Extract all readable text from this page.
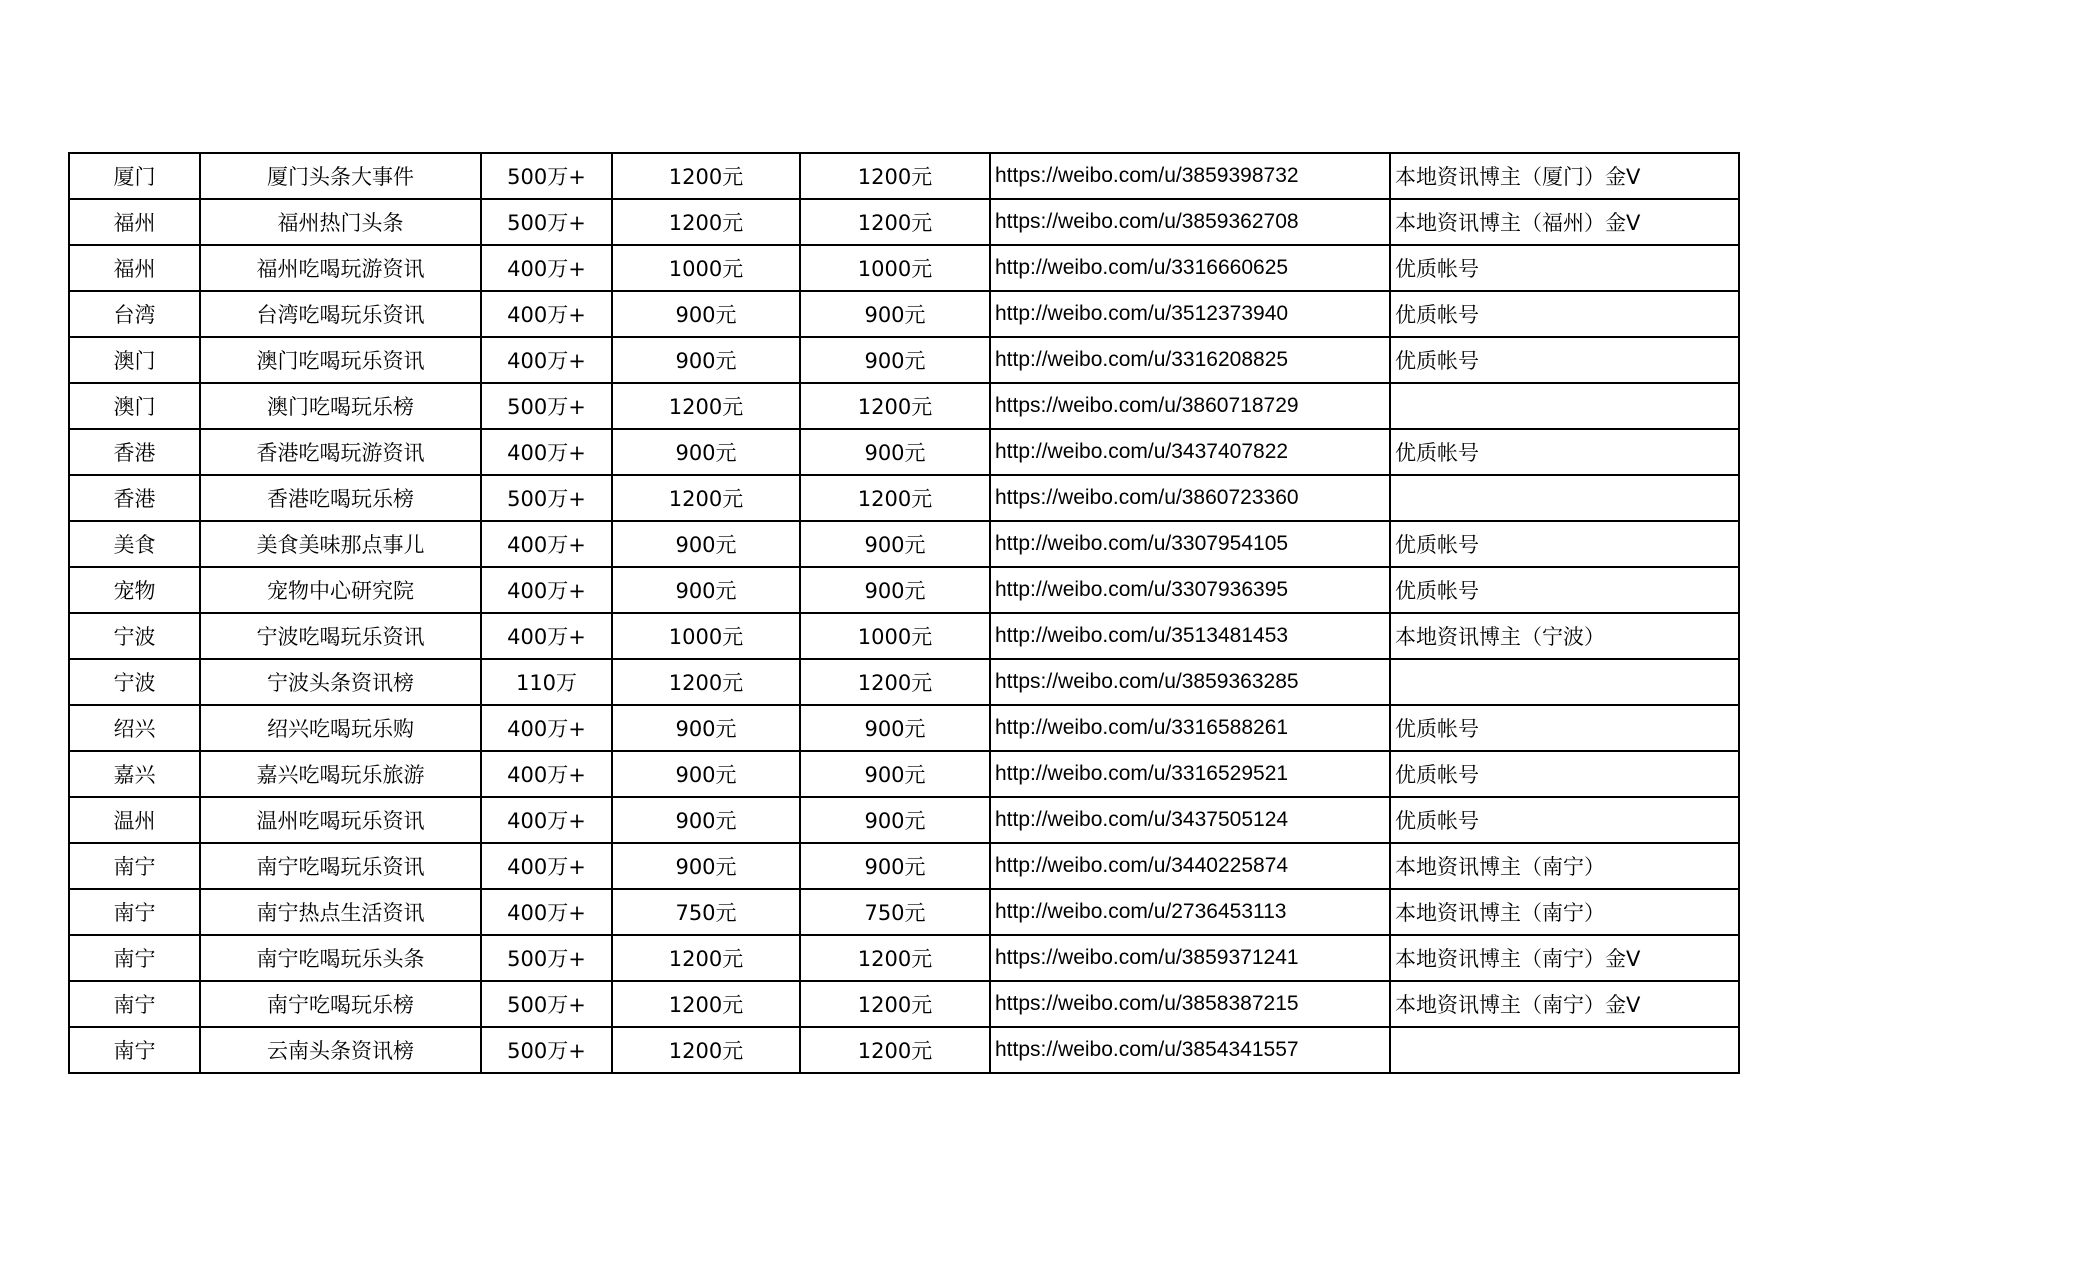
厦门	厦门头条大事件	500万+	1200元	1200元	https://weibo.com/u/3859398732	本地资讯博主（厦门）金V
福州	福州热门头条	500万+	1200元	1200元	https://weibo.com/u/3859362708	本地资讯博主（福州）金V
福州	福州吃喝玩游资讯	400万+	1000元	1000元	http://weibo.com/u/3316660625	优质帐号
台湾	台湾吃喝玩乐资讯	400万+	900元	900元	http://weibo.com/u/3512373940	优质帐号
澳门	澳门吃喝玩乐资讯	400万+	900元	900元	http://weibo.com/u/3316208825	优质帐号
澳门	澳门吃喝玩乐榜	500万+	1200元	1200元	https://weibo.com/u/3860718729	
香港	香港吃喝玩游资讯	400万+	900元	900元	http://weibo.com/u/3437407822	优质帐号
香港	香港吃喝玩乐榜	500万+	1200元	1200元	https://weibo.com/u/3860723360	
美食	美食美味那点事儿	400万+	900元	900元	http://weibo.com/u/3307954105	优质帐号
宠物	宠物中心研究院	400万+	900元	900元	http://weibo.com/u/3307936395	优质帐号
宁波	宁波吃喝玩乐资讯	400万+	1000元	1000元	http://weibo.com/u/3513481453	本地资讯博主（宁波）
宁波	宁波头条资讯榜	110万	1200元	1200元	https://weibo.com/u/3859363285	
绍兴	绍兴吃喝玩乐购	400万+	900元	900元	http://weibo.com/u/3316588261	优质帐号
嘉兴	嘉兴吃喝玩乐旅游	400万+	900元	900元	http://weibo.com/u/3316529521	优质帐号
温州	温州吃喝玩乐资讯	400万+	900元	900元	http://weibo.com/u/3437505124	优质帐号
南宁	南宁吃喝玩乐资讯	400万+	900元	900元	http://weibo.com/u/3440225874	本地资讯博主（南宁）
南宁	南宁热点生活资讯	400万+	750元	750元	http://weibo.com/u/2736453113	本地资讯博主（南宁）
南宁	南宁吃喝玩乐头条	500万+	1200元	1200元	https://weibo.com/u/3859371241	本地资讯博主（南宁）金V
南宁	南宁吃喝玩乐榜	500万+	1200元	1200元	https://weibo.com/u/3858387215	本地资讯博主（南宁）金V
南宁	云南头条资讯榜	500万+	1200元	1200元	https://weibo.com/u/3854341557	
